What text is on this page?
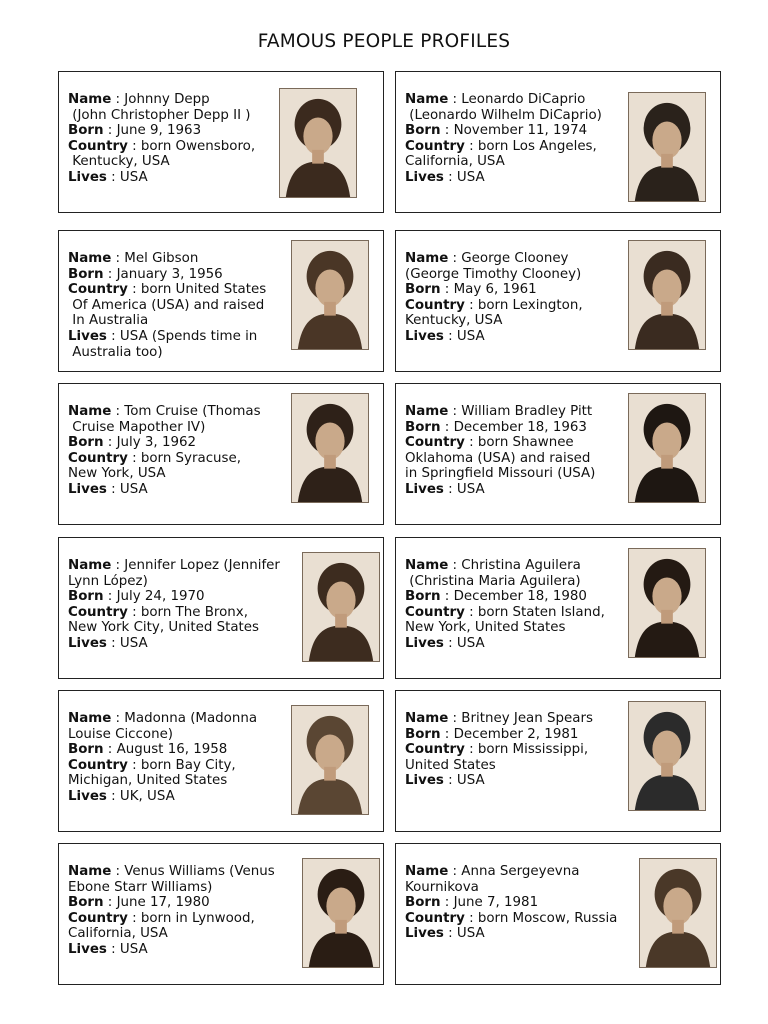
FAMOUS PEOPLE PROFILES
Name : Johnny Depp
(John Christopher Depp II )
Born : June 9, 1963
Country : born Owensboro,
Kentucky, USA
Lives : USA
Name : Leonardo DiCaprio
(Leonardo Wilhelm DiCaprio)
Born : November 11, 1974
Country : born Los Angeles,
California, USA
Lives : USA
Name : Mel Gibson
Born : January 3, 1956
Country : born United States
Of America (USA) and raised
In Australia
Lives : USA (Spends time in
Australia too)
Name : George Clooney
(George Timothy Clooney)
Born : May 6, 1961
Country : born Lexington,
Kentucky, USA
Lives : USA
Name : Tom Cruise (Thomas
Cruise Mapother IV)
Born : July 3, 1962
Country : born Syracuse,
New York, USA
Lives : USA
Name : William Bradley Pitt
Born : December 18, 1963
Country : born Shawnee
Oklahoma (USA) and raised
in Springfield Missouri (USA)
Lives : USA
Name : Jennifer Lopez (Jennifer
Lynn López)
Born : July 24, 1970
Country : born The Bronx,
New York City, United States
Lives : USA
Name : Christina Aguilera
(Christina Maria Aguilera)
Born : December 18, 1980
Country : born Staten Island,
New York, United States
Lives : USA
Name : Madonna (Madonna
Louise Ciccone)
Born : August 16, 1958
Country : born Bay City,
Michigan, United States
Lives : UK, USA
Name : Britney Jean Spears
Born : December 2, 1981
Country : born Mississippi,
United States
Lives : USA
Name : Venus Williams (Venus
Ebone Starr Williams)
Born : June 17, 1980
Country : born in Lynwood,
California, USA
Lives : USA
Name : Anna Sergeyevna
Kournikova
Born : June 7, 1981
Country : born Moscow, Russia
Lives : USA
